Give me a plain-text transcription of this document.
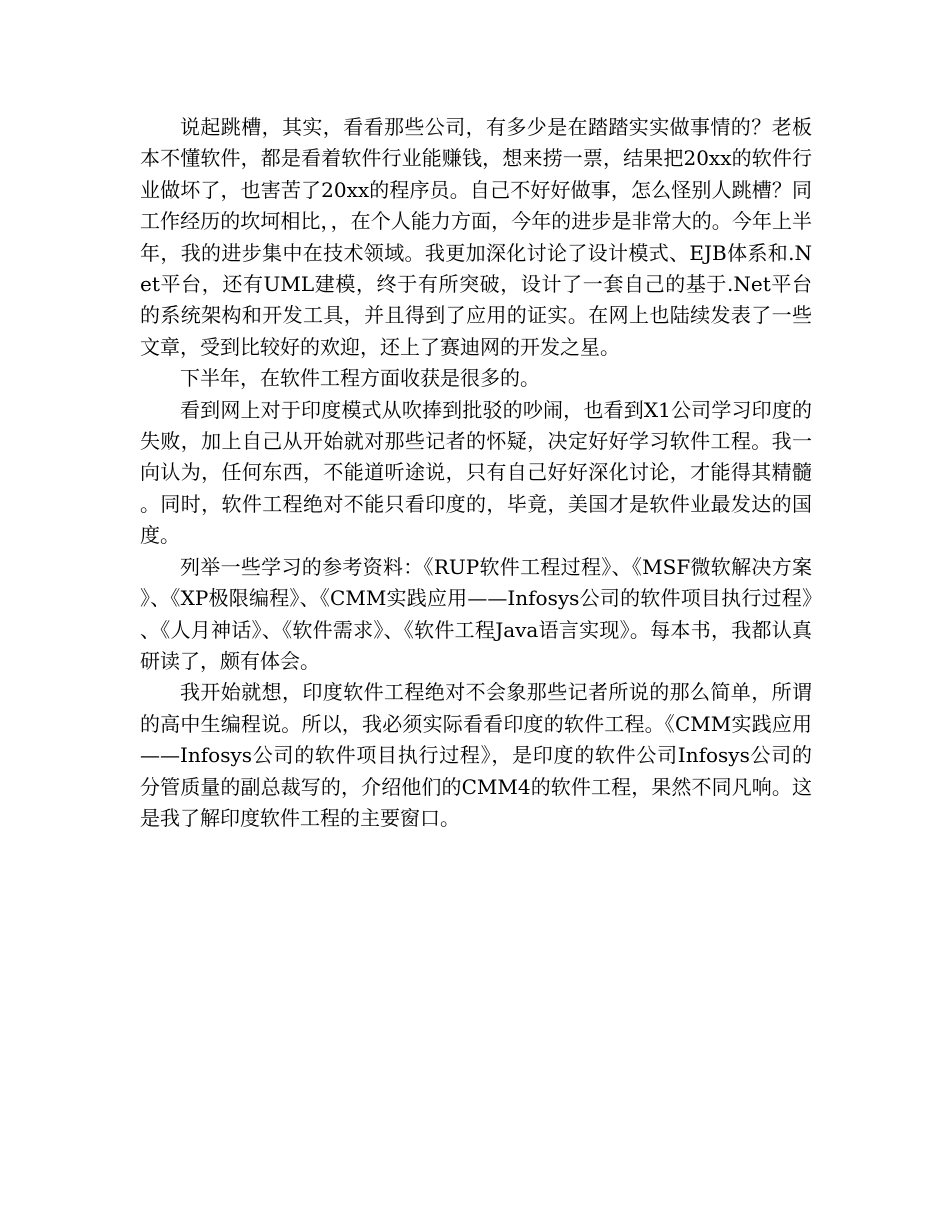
说起跳槽，其实，看看那些公司，有多少是在踏踏实实做事情的？老板本不懂软件，都是看着软件行业能赚钱，想来捞一票，结果把20xx的软件行业做坏了，也害苦了20xx的程序员。自己不好好做事，怎么怪别人跳槽？同工作经历的坎坷相比，，在个人能力方面，今年的进步是非常大的。今年上半年，我的进步集中在技术领域。我更加深化讨论了设计模式、EJB体系和.Net平台，还有UML建模，终于有所突破，设计了一套自己的基于.Net平台的系统架构和开发工具，并且得到了应用的证实。在网上也陆续发表了一些文章，受到比较好的欢迎，还上了赛迪网的开发之星。

下半年，在软件工程方面收获是很多的。

看到网上对于印度模式从吹捧到批驳的吵闹，也看到X1公司学习印度的失败，加上自己从开始就对那些记者的怀疑，决定好好学习软件工程。我一向认为，任何东西，不能道听途说，只有自己好好深化讨论，才能得其精髓。同时，软件工程绝对不能只看印度的，毕竟，美国才是软件业最发达的国度。

列举一些学习的参考资料：《RUP软件工程过程》、《MSF微软解决方案》、《XP极限编程》、《CMM实践应用——Infosys公司的软件项目执行过程》、《人月神话》、《软件需求》、《软件工程Java语言实现》。每本书，我都认真研读了，颇有体会。

我开始就想，印度软件工程绝对不会象那些记者所说的那么简单，所谓的高中生编程说。所以，我必须实际看看印度的软件工程。《CMM实践应用——Infosys公司的软件项目执行过程》，是印度的软件公司Infosys公司的分管质量的副总裁写的，介绍他们的CMM4的软件工程，果然不同凡响。这是我了解印度软件工程的主要窗口。
